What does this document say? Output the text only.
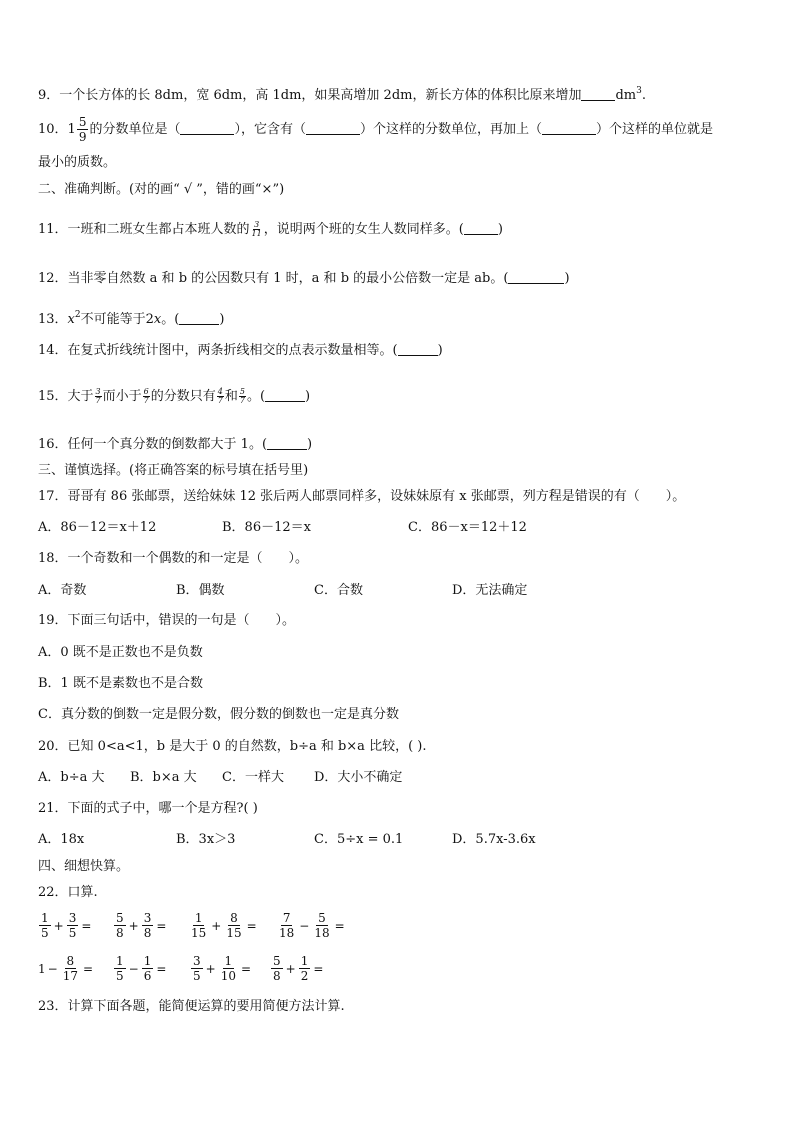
9．一个长方体的长 8dm，宽 6dm，高 1dm，如果高增加 2dm，新长方体的体积比原来增加	$dm^3$.
10．$1 \frac{5}{9}$ 的分数单位是（	），它含有（	）个这样的分数单位，再加上（	）个这样的单位就是
最小的质数。
二、准确判断。(对的画“ √ ”，错的画“×”)
11．一班和二班女生都占本班人数的 $\frac{3}{11}$ ，说明两个班的女生人数同样多。(	)
12．当非零自然数 a 和 b 的公因数只有 1 时，a 和 b 的最小公倍数一定是 ab。(	)
13．$x^2$不可能等于2x。(	)
14．在复式折线统计图中，两条折线相交的点表示数量相等。(	)
15．大于 $\frac{3}{7}$ 而小于 $\frac{6}{7}$ 的分数只有 $\frac{4}{7}$ 和 $\frac{5}{7}$ 。(	)
16．任何一个真分数的倒数都大于 1。(	)
三、谨慎选择。(将正确答案的标号填在括号里)
17．哥哥有 86 张邮票，送给妹妹 12 张后两人邮票同样多，设妹妹原有 x 张邮票，列方程是错误的有（　　）。
A．86－12＝x＋12	B．86－12＝x	C．86－x＝12＋12
18．一个奇数和一个偶数的和一定是（　　）。
A．奇数	B．偶数	C．合数	D．无法确定
19．下面三句话中，错误的一句是（　　）。
A．0 既不是正数也不是负数
B．1 既不是素数也不是合数
C．真分数的倒数一定是假分数，假分数的倒数也一定是真分数
20．已知 0<a<1，b 是大于 0 的自然数，b÷a 和 b×a 比较，( ).
A．b÷a 大 B．b×a 大 C．一样大 D．大小不确定
21．下面的式子中，哪一个是方程?( )
A．18x	B．3x＞3	C．5÷x = 0.1	D．5.7x-3.6x
四、细想快算。
22．口算.
$\frac{1}{5} + \frac{3}{5} = \frac{5}{8} + \frac{3}{8} = \frac{1}{15} + \frac{8}{15} = \frac{7}{18} - \frac{5}{18}$ =
$1 - \frac{8}{17} = \frac{1}{5} - \frac{1}{6} = \frac{3}{5} + \frac{1}{10} = \frac{5}{8} + \frac{1}{2}$ =
23．计算下面各题，能简便运算的要用简便方法计算.
